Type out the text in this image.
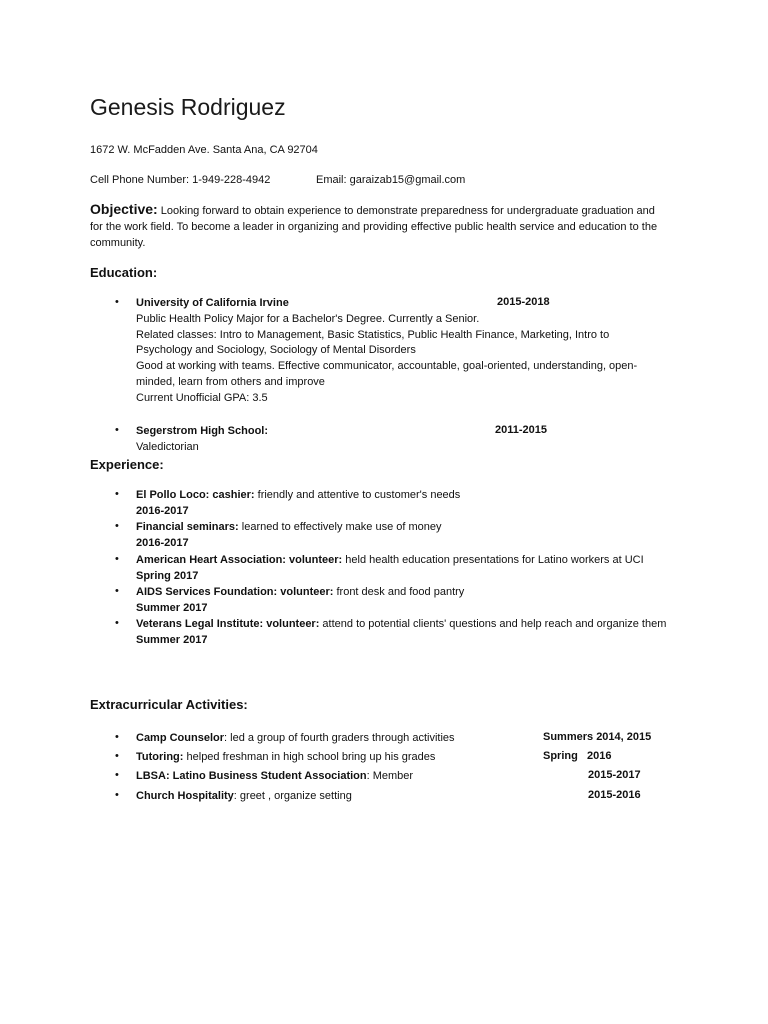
Genesis Rodriguez
1672 W. McFadden Ave. Santa Ana, CA 92704
Cell Phone Number: 1-949-228-4942	Email: garaizab15@gmail.com
Objective: Looking forward to obtain experience to demonstrate preparedness for undergraduate graduation and for the work field. To become a leader in organizing and providing effective public health service and education to the community.
Education:
• University of California Irvine
Public Health Policy Major for a Bachelor's Degree. Currently a Senior.
Related classes: Intro to Management, Basic Statistics, Public Health Finance, Marketing, Intro to Psychology and Sociology, Sociology of Mental Disorders
Good at working with teams. Effective communicator, accountable, goal-oriented, understanding, open-minded, learn from others and improve
Current Unofficial GPA: 3.5
2015-2018
• Segerstrom High School:
Valedictorian
2011-2015
Experience:
• El Pollo Loco: cashier: friendly and attentive to customer's needs
2016-2017
• Financial seminars: learned to effectively make use of money
2016-2017
• American Heart Association: volunteer: held health education presentations for Latino workers at UCI
Spring 2017
• AIDS Services Foundation: volunteer: front desk and food pantry
Summer 2017
• Veterans Legal Institute: volunteer: attend to potential clients' questions and help reach and organize them
Summer 2017
Extracurricular Activities:
• Camp Counselor: led a group of fourth graders through activities	Summers 2014, 2015
• Tutoring: helped freshman in high school bring up his grades	Spring   2016
• LBSA: Latino Business Student Association: Member	2015-2017
• Church Hospitality: greet , organize setting	2015-2016
